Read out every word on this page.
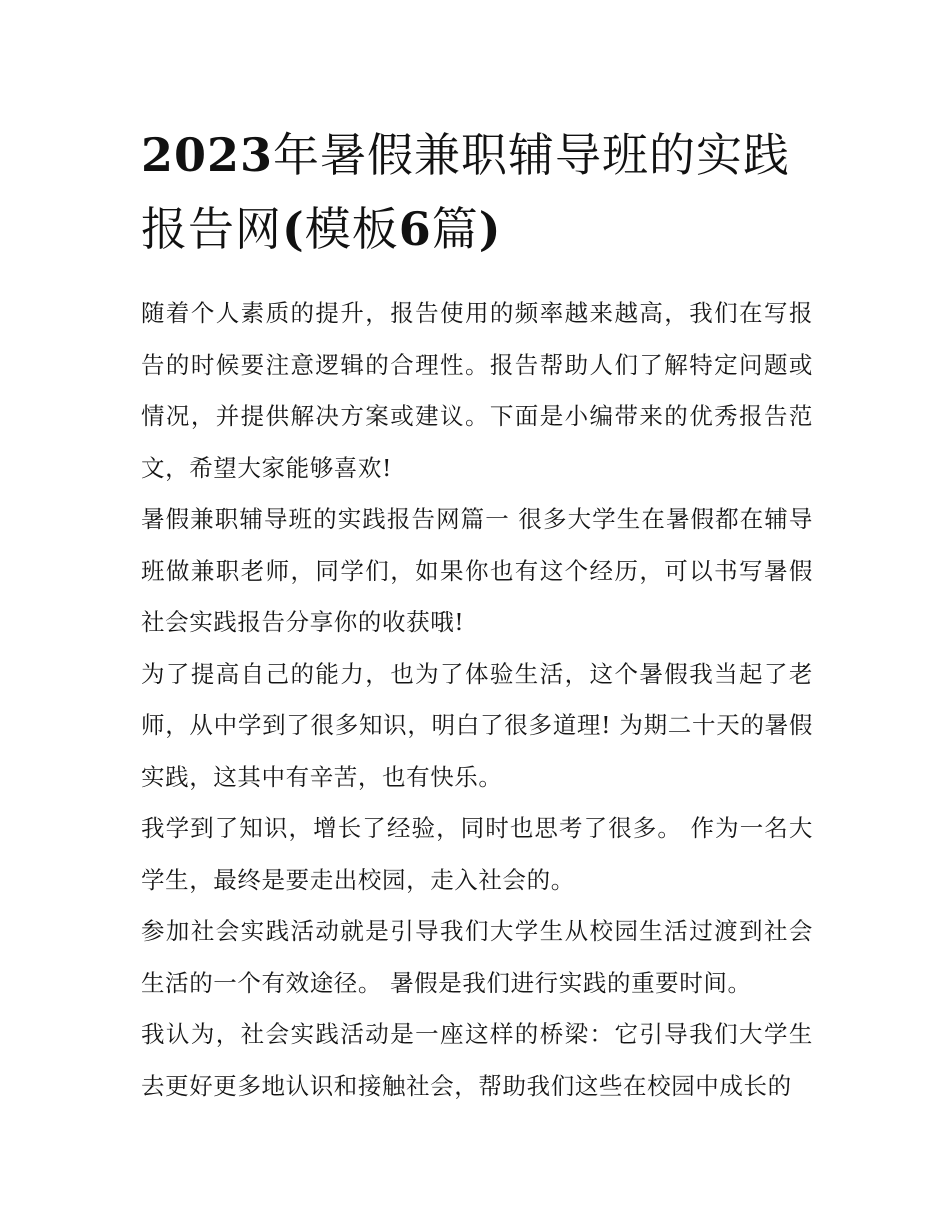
2023年暑假兼职辅导班的实践报告网(模板6篇)

随着个人素质的提升，报告使用的频率越来越高，我们在写报告的时候要注意逻辑的合理性。报告帮助人们了解特定问题或情况，并提供解决方案或建议。下面是小编带来的优秀报告范文，希望大家能够喜欢!

暑假兼职辅导班的实践报告网篇一 很多大学生在暑假都在辅导班做兼职老师，同学们，如果你也有这个经历，可以书写暑假社会实践报告分享你的收获哦!

为了提高自己的能力，也为了体验生活，这个暑假我当起了老师，从中学到了很多知识，明白了很多道理! 为期二十天的暑假实践，这其中有辛苦，也有快乐。

我学到了知识，增长了经验，同时也思考了很多。 作为一名大学生，最终是要走出校园，走入社会的。

参加社会实践活动就是引导我们大学生从校园生活过渡到社会生活的一个有效途径。 暑假是我们进行实践的重要时间。

我认为，社会实践活动是一座这样的桥梁：它引导我们大学生去更好更多地认识和接触社会，帮助我们这些在校园中成长的
